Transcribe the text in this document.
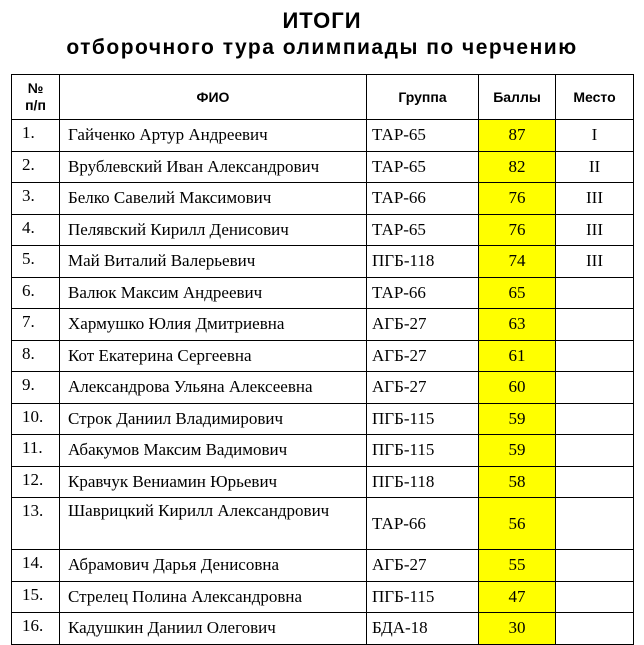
ИТОГИ
отборочного тура олимпиады по черчению
№
п/п	ФИО	Группа	Баллы	Место
1.	Гайченко Артур Андреевич	ТАР-65	87	I
2.	Врублевский Иван Александрович	ТАР-65	82	II
3.	Белко Савелий Максимович	ТАР-66	76	III
4.	Пелявский Кирилл Денисович	ТАР-65	76	III
5.	Май Виталий Валерьевич	ПГБ-118	74	III
6.	Валюк Максим Андреевич	ТАР-66	65	
7.	Хармушко Юлия Дмитриевна	АГБ-27	63	
8.	Кот Екатерина Сергеевна	АГБ-27	61	
9.	Александрова Ульяна Алексеевна	АГБ-27	60	
10.	Строк Даниил Владимирович	ПГБ-115	59	
11.	Абакумов Максим Вадимович	ПГБ-115	59	
12.	Кравчук Вениамин Юрьевич	ПГБ-118	58	
13.	Шаврицкий Кирилл Александрович	ТАР-66	56	
14.	Абрамович Дарья Денисовна	АГБ-27	55	
15.	Стрелец Полина Александровна	ПГБ-115	47	
16.	Кадушкин Даниил Олегович	БДА-18	30	
